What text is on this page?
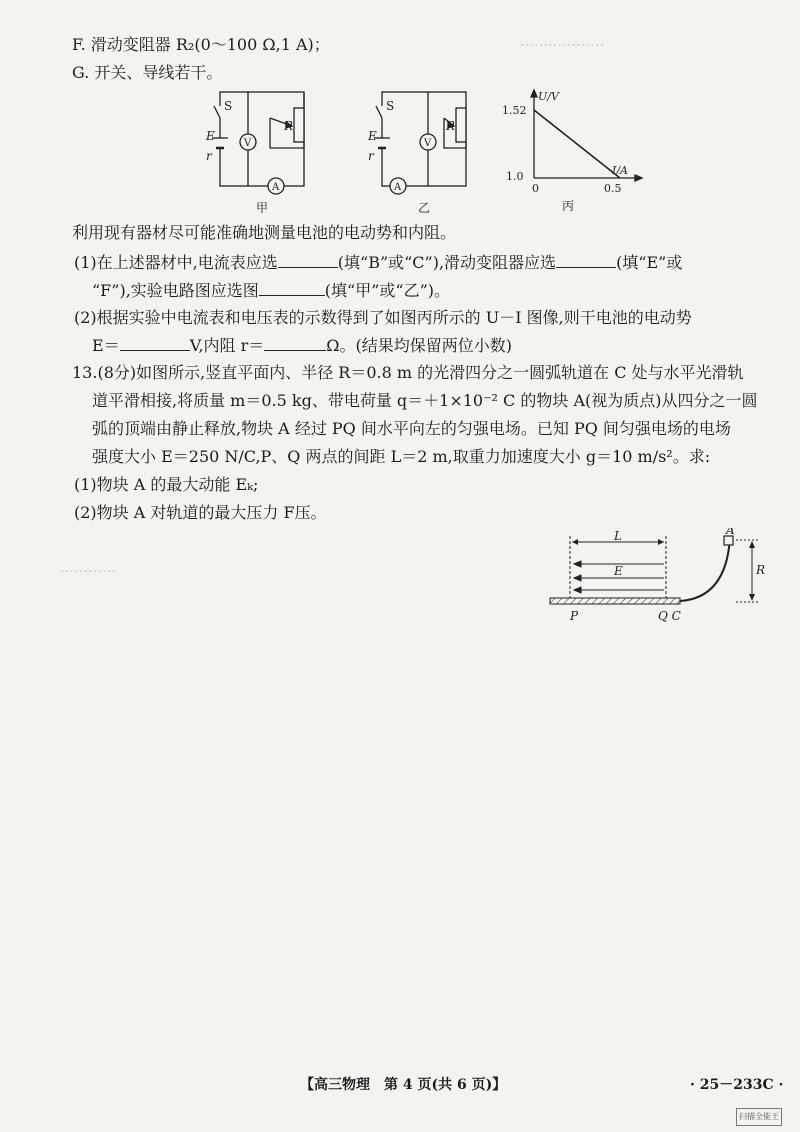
………………
…………
F. 滑动变阻器 R₂(0～100 Ω,1 A)；
G. 开关、导线若干。
S
E
r
V
R
A
甲
S
E
r
V
R
A
乙
U/V
1.52
1.0
0	0.5
I/A
丙
利用现有器材尽可能准确地测量电池的电动势和内阻。
(1)在上述器材中,电流表应选	(填“B”或“C”),滑动变阻器应选	(填“E”或
“F”),实验电路图应选图	(填“甲”或“乙”)。
(2)根据实验中电流表和电压表的示数得到了如图丙所示的 U－I 图像,则干电池的电动势
E＝	V,内阻 r＝	Ω。(结果均保留两位小数)
13.(8分)如图所示,竖直平面内、半径 R＝0.8 m 的光滑四分之一圆弧轨道在 C 处与水平光滑轨
道平滑相接,将质量 m＝0.5 kg、带电荷量 q＝＋1×10⁻² C 的物块 A(视为质点)从四分之一圆
弧的顶端由静止释放,物块 A 经过 PQ 间水平向左的匀强电场。已知 PQ 间匀强电场的电场
强度大小 E＝250 N/C,P、Q 两点的间距 L＝2 m,取重力加速度大小 g＝10 m/s²。求:
(1)物块 A 的最大动能 Eₖ;
(2)物块 A 对轨道的最大压力 F压。
A
L
E	R
P	Q C
【高三物理　第 4 页(共 6 页)】	· 25－233C ·
扫描全能王
